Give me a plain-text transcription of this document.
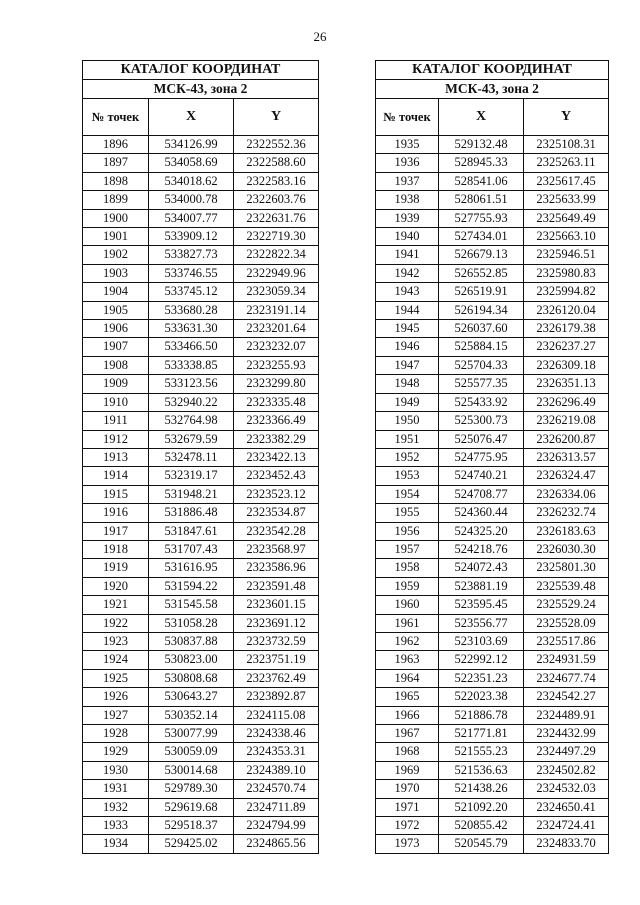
26
КАТАЛОГ КООРДИНАТ		
МСК-43, зона 2		
№ точек	X	Y
1896	534126.99	2322552.36
1897	534058.69	2322588.60
1898	534018.62	2322583.16
1899	534000.78	2322603.76
1900	534007.77	2322631.76
1901	533909.12	2322719.30
1902	533827.73	2322822.34
1903	533746.55	2322949.96
1904	533745.12	2323059.34
1905	533680.28	2323191.14
1906	533631.30	2323201.64
1907	533466.50	2323232.07
1908	533338.85	2323255.93
1909	533123.56	2323299.80
1910	532940.22	2323335.48
1911	532764.98	2323366.49
1912	532679.59	2323382.29
1913	532478.11	2323422.13
1914	532319.17	2323452.43
1915	531948.21	2323523.12
1916	531886.48	2323534.87
1917	531847.61	2323542.28
1918	531707.43	2323568.97
1919	531616.95	2323586.96
1920	531594.22	2323591.48
1921	531545.58	2323601.15
1922	531058.28	2323691.12
1923	530837.88	2323732.59
1924	530823.00	2323751.19
1925	530808.68	2323762.49
1926	530643.27	2323892.87
1927	530352.14	2324115.08
1928	530077.99	2324338.46
1929	530059.09	2324353.31
1930	530014.68	2324389.10
1931	529789.30	2324570.74
1932	529619.68	2324711.89
1933	529518.37	2324794.99
1934	529425.02	2324865.56
КАТАЛОГ КООРДИНАТ		
МСК-43, зона 2		
№ точек	X	Y
1935	529132.48	2325108.31
1936	528945.33	2325263.11
1937	528541.06	2325617.45
1938	528061.51	2325633.99
1939	527755.93	2325649.49
1940	527434.01	2325663.10
1941	526679.13	2325946.51
1942	526552.85	2325980.83
1943	526519.91	2325994.82
1944	526194.34	2326120.04
1945	526037.60	2326179.38
1946	525884.15	2326237.27
1947	525704.33	2326309.18
1948	525577.35	2326351.13
1949	525433.92	2326296.49
1950	525300.73	2326219.08
1951	525076.47	2326200.87
1952	524775.95	2326313.57
1953	524740.21	2326324.47
1954	524708.77	2326334.06
1955	524360.44	2326232.74
1956	524325.20	2326183.63
1957	524218.76	2326030.30
1958	524072.43	2325801.30
1959	523881.19	2325539.48
1960	523595.45	2325529.24
1961	523556.77	2325528.09
1962	523103.69	2325517.86
1963	522992.12	2324931.59
1964	522351.23	2324677.74
1965	522023.38	2324542.27
1966	521886.78	2324489.91
1967	521771.81	2324432.99
1968	521555.23	2324497.29
1969	521536.63	2324502.82
1970	521438.26	2324532.03
1971	521092.20	2324650.41
1972	520855.42	2324724.41
1973	520545.79	2324833.70
